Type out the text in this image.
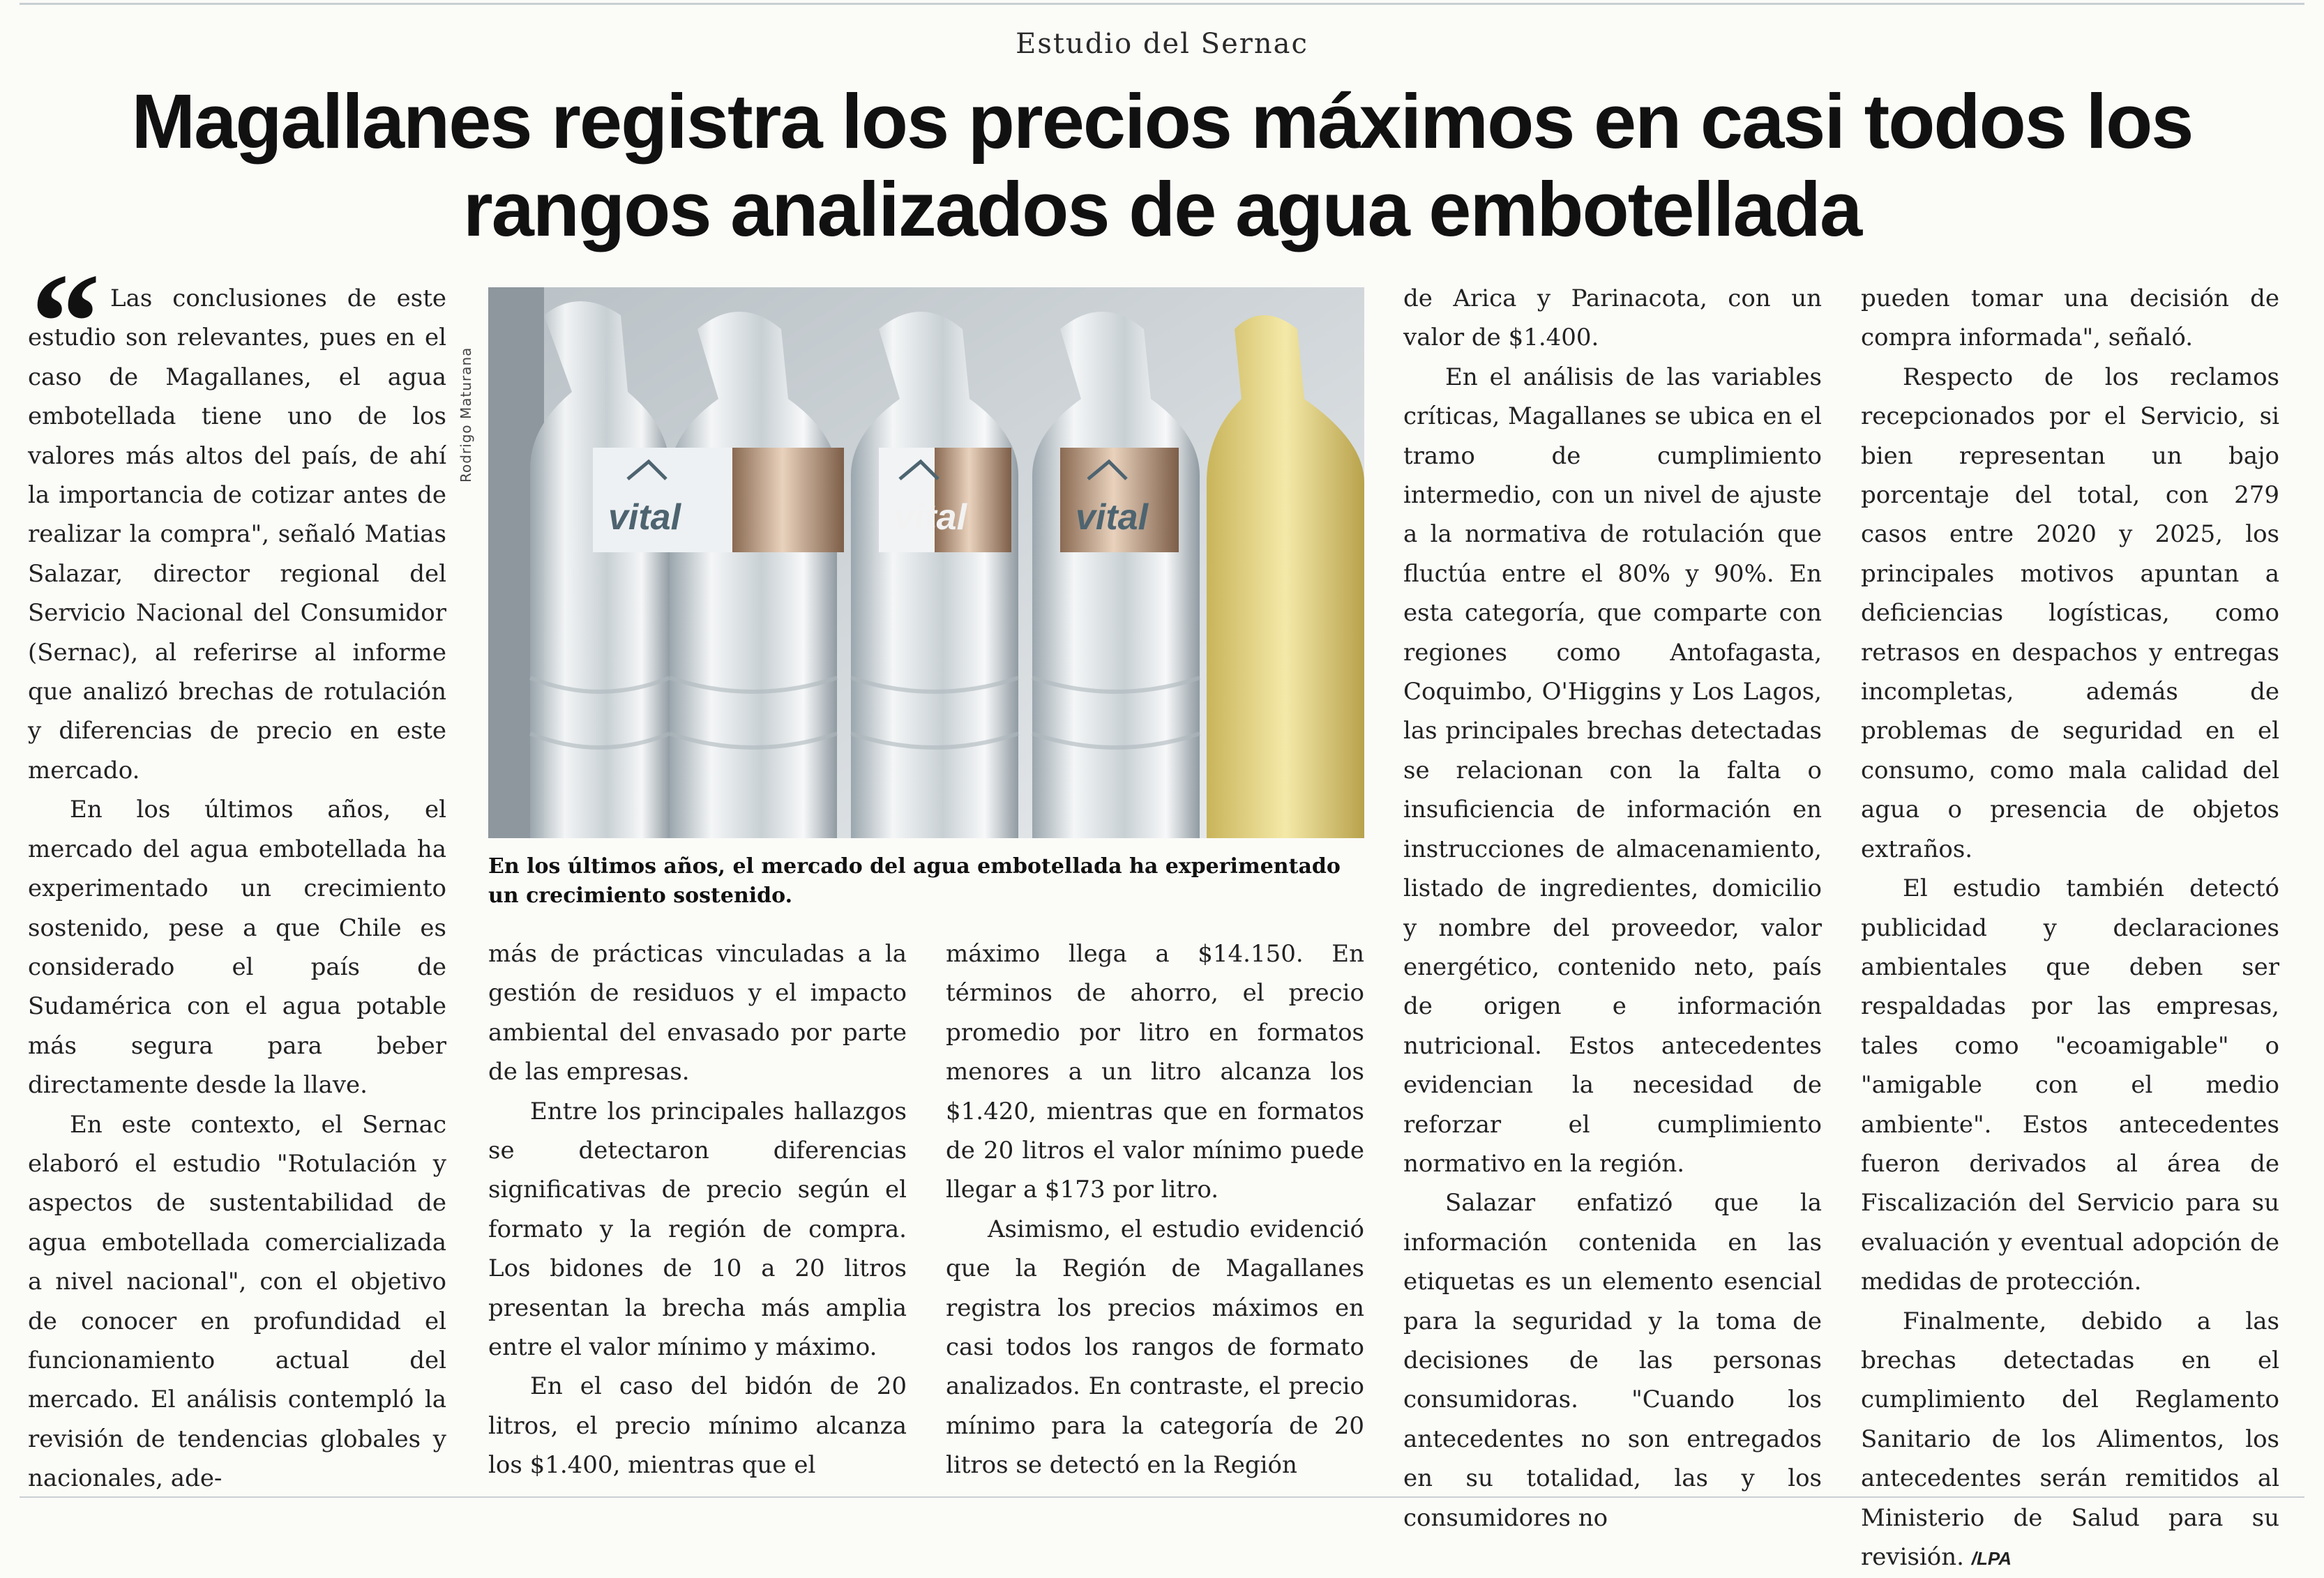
Estudio del Sernac
Magallanes registra los precios máximos en casi todos los rangos analizados de agua embotellada
“ Las conclusiones de este estudio son relevantes, pues en el caso de Magallanes, el agua embotellada tiene uno de los valores más altos del país, de ahí la importancia de cotizar antes de realizar la compra", señaló Matias Salazar, director regional del Servicio Nacional del Consumidor (Sernac), al referirse al informe que analizó brechas de rotulación y diferencias de precio en este mercado.

En los últimos años, el mercado del agua embotellada ha experimentado un crecimiento sostenido, pese a que Chile es considerado el país de Sudamérica con el agua potable más segura para beber directamente desde la llave.

En este contexto, el Sernac elaboró el estudio "Rotulación y aspectos de sustentabilidad de agua embotellada comercializada a nivel nacional", con el objetivo de conocer en profundidad el funcionamiento actual del mercado. El análisis contempló la revisión de tendencias globales y nacionales, ade-

Rodrigo Maturana
vital	vital	vital
En los últimos años, el mercado del agua embotellada ha experimentado un crecimiento sostenido.

más de prácticas vinculadas a la gestión de residuos y el impacto ambiental del envasado por parte de las empresas.

Entre los principales hallazgos se detectaron diferencias significativas de precio según el formato y la región de compra. Los bidones de 10 a 20 litros presentan la brecha más amplia entre el valor mínimo y máximo.

En el caso del bidón de 20 litros, el precio mínimo alcanza los $1.400, mientras que el

máximo llega a $14.150. En términos de ahorro, el precio promedio por litro en formatos menores a un litro alcanza los $1.420, mientras que en formatos de 20 litros el valor mínimo puede llegar a $173 por litro.

Asimismo, el estudio evidenció que la Región de Magallanes registra los precios máximos en casi todos los rangos de formato analizados. En contraste, el precio mínimo para la categoría de 20 litros se detectó en la Región

de Arica y Parinacota, con un valor de $1.400.

En el análisis de las variables críticas, Magallanes se ubica en el tramo de cumplimiento intermedio, con un nivel de ajuste a la normativa de rotulación que fluctúa entre el 80% y 90%. En esta categoría, que comparte con regiones como Antofagasta, Coquimbo, O'Higgins y Los Lagos, las principales brechas detectadas se relacionan con la falta o insuficiencia de información en instrucciones de almacenamiento, listado de ingredientes, domicilio y nombre del proveedor, valor energético, contenido neto, país de origen e información nutricional. Estos antecedentes evidencian la necesidad de reforzar el cumplimiento normativo en la región.

Salazar enfatizó que la información contenida en las etiquetas es un elemento esencial para la seguridad y la toma de decisiones de las personas consumidoras. "Cuando los antecedentes no son entregados en su totalidad, las y los consumidores no

pueden tomar una decisión de compra informada", señaló.

Respecto de los reclamos recepcionados por el Servicio, si bien representan un bajo porcentaje del total, con 279 casos entre 2020 y 2025, los principales motivos apuntan a deficiencias logísticas, como retrasos en despachos y entregas incompletas, además de problemas de seguridad en el consumo, como mala calidad del agua o presencia de objetos extraños.

El estudio también detectó publicidad y declaraciones ambientales que deben ser respaldadas por las empresas, tales como "ecoamigable" o "amigable con el medio ambiente". Estos antecedentes fueron derivados al área de Fiscalización del Servicio para su evaluación y eventual adopción de medidas de protección.

Finalmente, debido a las brechas detectadas en el cumplimiento del Reglamento Sanitario de los Alimentos, los antecedentes serán remitidos al Ministerio de Salud para su revisión. /LPA
